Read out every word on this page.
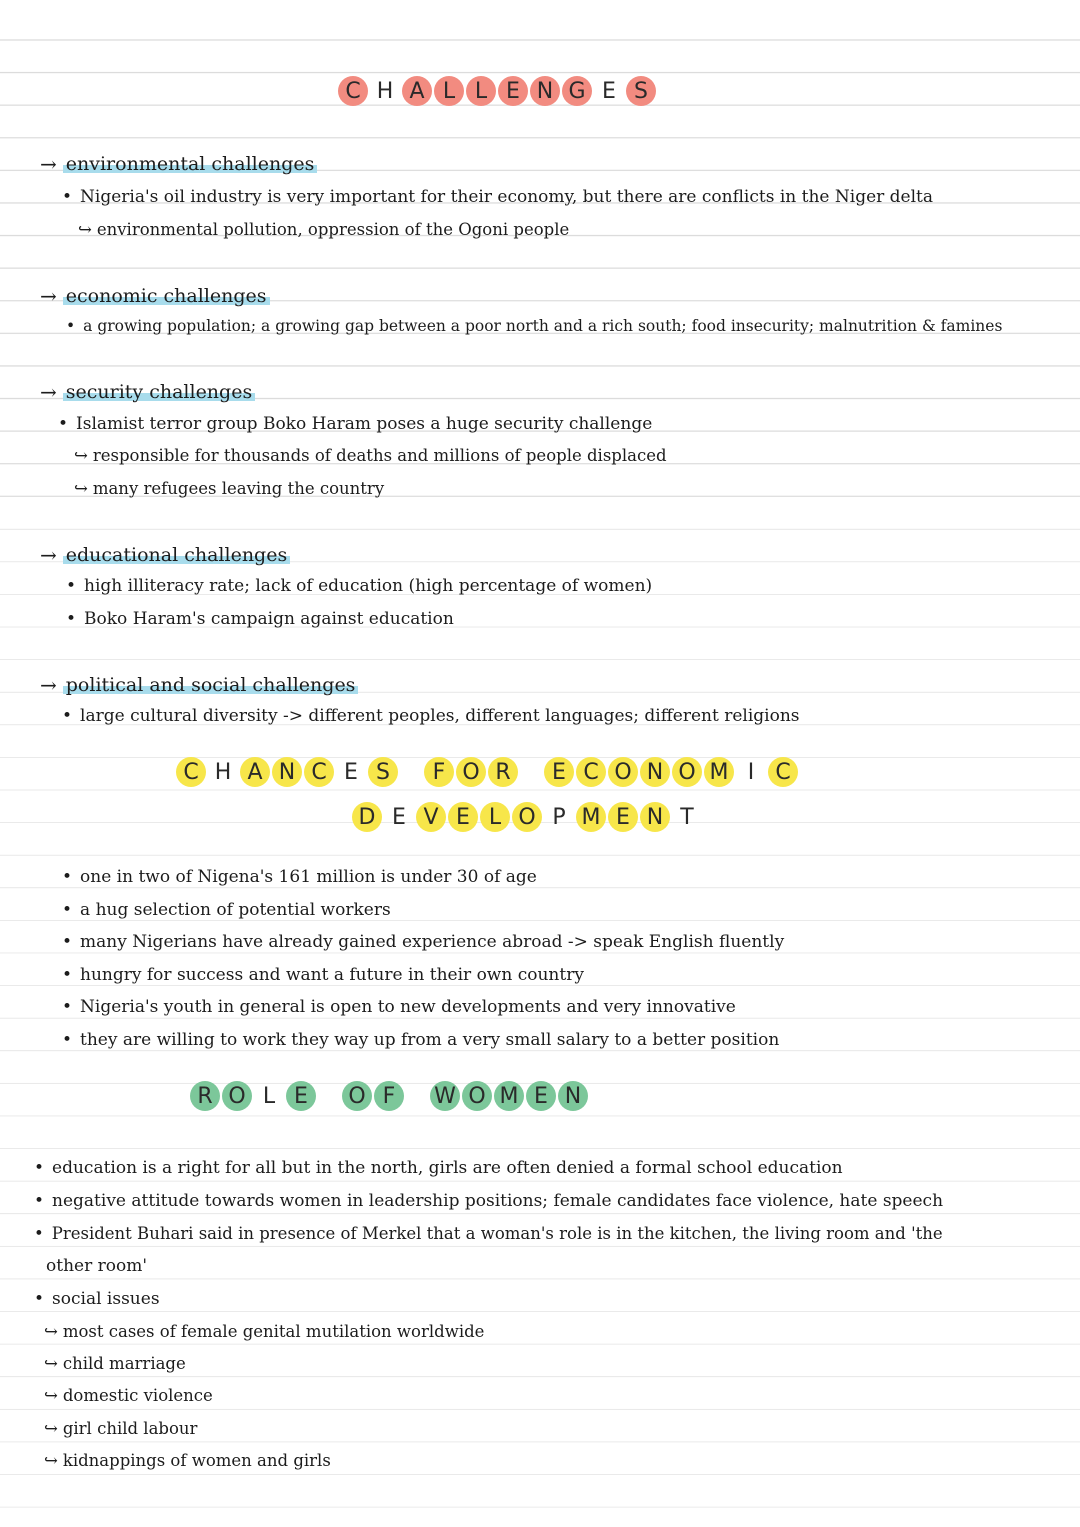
C H A L L E N G E S
→ environmental challenges
• Nigeria's oil industry is very important for their economy, but there are conflicts in the Niger delta
↪ environmental pollution, oppression of the Ogoni people
→ economic challenges
• a growing population; a growing gap between a poor north and a rich south; food insecurity; malnutrition & famines
→ security challenges
• Islamist terror group Boko Haram poses a huge security challenge
↪ responsible for thousands of deaths and millions of people displaced
↪ many refugees leaving the country
→ educational challenges
• high illiteracy rate; lack of education (high percentage of women)
• Boko Haram's campaign against education
→ political and social challenges
• large cultural diversity -> different peoples, different languages; different religions
C H A N C E S	F O R	E C O N O M I C
D E V E L O P M E N T
• one in two of Nigena's 161 million is under 30 of age
• a hug selection of potential workers
• many Nigerians have already gained experience abroad -> speak English fluently
• hungry for success and want a future in their own country
• Nigeria's youth in general is open to new developments and very innovative
• they are willing to work they way up from a very small salary to a better position
R O L E	O F	W O M E N
• education is a right for all but in the north, girls are often denied a formal school education
• negative attitude towards women in leadership positions; female candidates face violence, hate speech
• President Buhari said in presence of Merkel that a woman's role is in the kitchen, the living room and 'the
other room'
• social issues
↪ most cases of female genital mutilation worldwide
↪ child marriage
↪ domestic violence
↪ girl child labour
↪ kidnappings of women and girls
